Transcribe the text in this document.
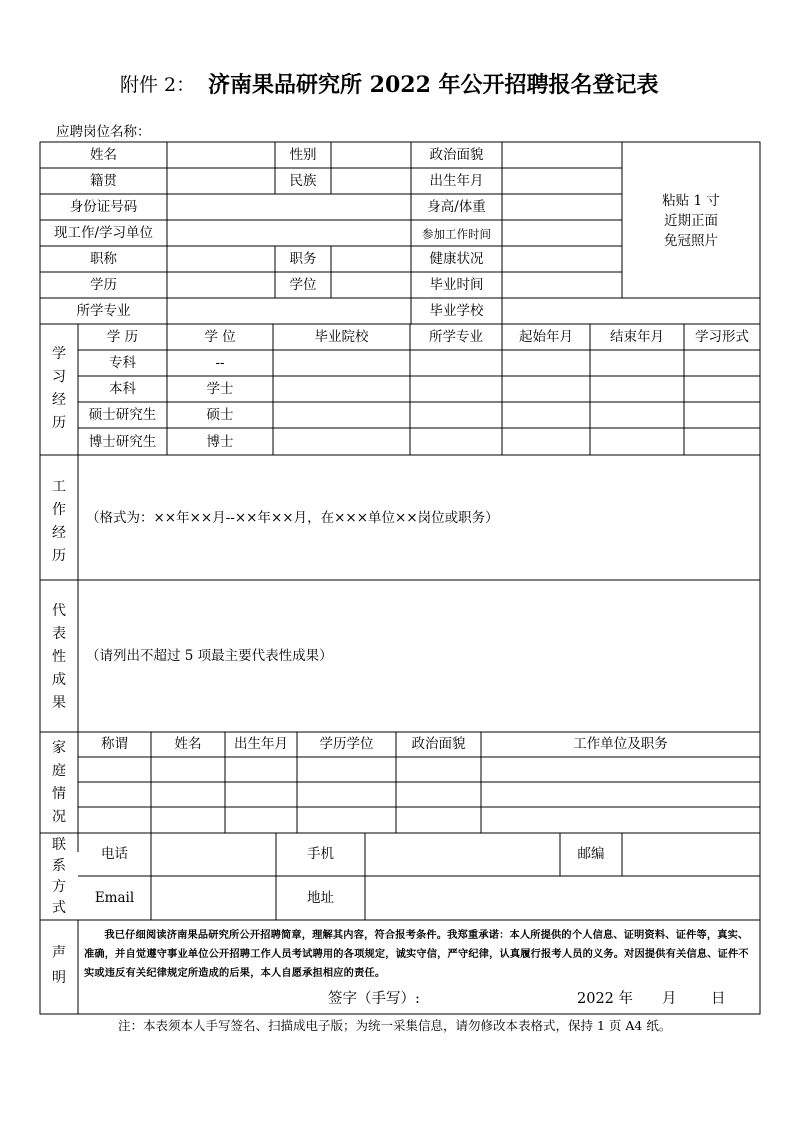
附件 2： 济南果品研究所 2022 年公开招聘报名登记表
应聘岗位名称：
姓名	性别	政治面貌
籍贯	民族	出生年月
身份证号码	身高/体重
现工作/学习单位	参加工作时间
职称	职务	健康状况
学历	学位	毕业时间
所学专业	毕业学校
粘贴 1 寸
近期正面
免冠照片
学
习
经
历
学 历	学 位	毕业院校	所学专业	起始年月	结束年月	学习形式
专科	--
本科	学士
硕士研究生	硕士
博士研究生	博士
工
作
经
历
（格式为：××年××月--××年××月，在×××单位××岗位或职务）
代
表
性
成
果
（请列出不超过 5 项最主要代表性成果）
家
庭
情
况
称谓	姓名	出生年月	学历学位	政治面貌	工作单位及职务
联
系
方
式
电话	手机	邮编
Email	地址
声
明
我已仔细阅读济南果品研究所公开招聘简章，理解其内容，符合报考条件。我郑重承诺：本人所提供的个人信息、证明资料、证件等，真实、准确，并自觉遵守事业单位公开招聘工作人员考试聘用的各项规定，诚实守信，严守纪律，认真履行报考人员的义务。对因提供有关信息、证件不实或违反有关纪律规定所造成的后果，本人自愿承担相应的责任。
签字（手写）:	2022 年 月 日
注：本表须本人手写签名、扫描成电子版；为统一采集信息，请勿修改本表格式，保持 1 页 A4 纸。
